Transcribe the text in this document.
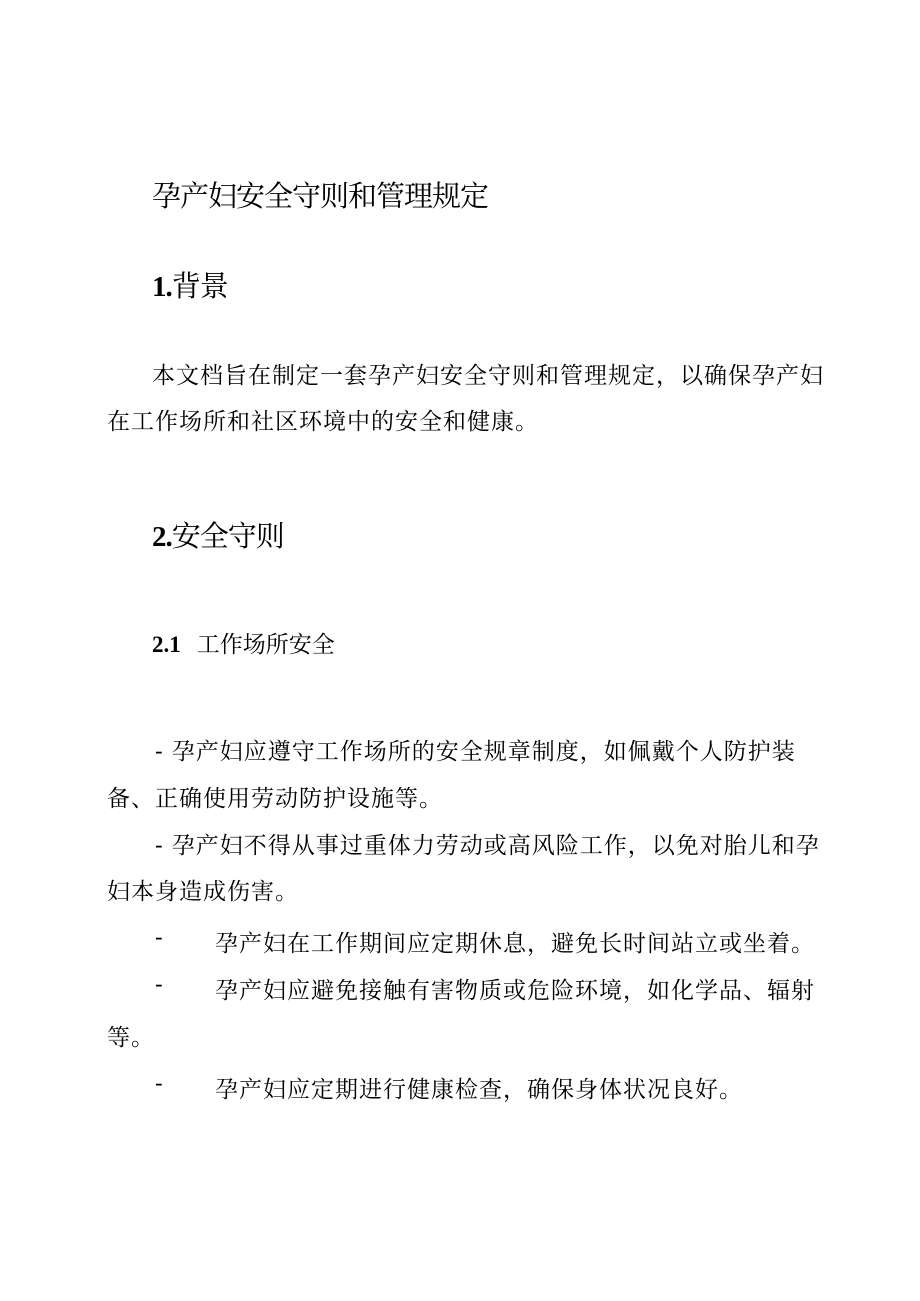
孕产妇安全守则和管理规定
1.背景
本文档旨在制定一套孕产妇安全守则和管理规定，以确保孕产妇
在工作场所和社区环境中的安全和健康。
2.安全守则
2.1 工作场所安全
- 孕产妇应遵守工作场所的安全规章制度，如佩戴个人防护装
备、正确使用劳动防护设施等。
- 孕产妇不得从事过重体力劳动或高风险工作，以免对胎儿和孕
妇本身造成伤害。
- 孕产妇在工作期间应定期休息，避免长时间站立或坐着。
- 孕产妇应避免接触有害物质或危险环境，如化学品、辐射
等。
- 孕产妇应定期进行健康检查，确保身体状况良好。
